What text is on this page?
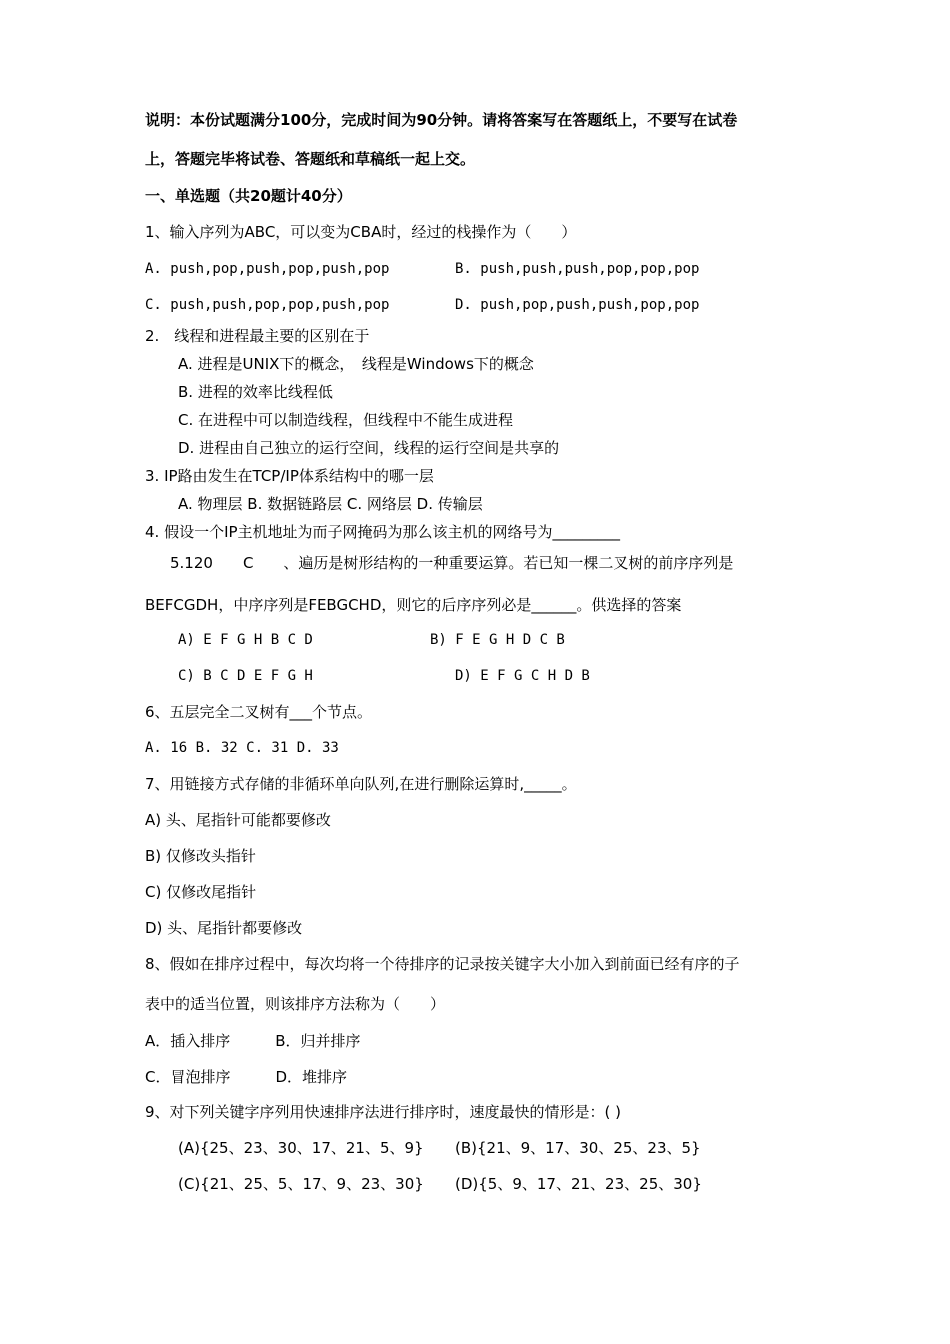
说明：本份试题满分100分，完成时间为90分钟。请将答案写在答题纸上，不要写在试卷
上，答题完毕将试卷、答题纸和草稿纸一起上交。
一、单选题（共20题计40分）
1、输入序列为ABC，可以变为CBA时，经过的栈操作为（　　）
A. push,pop,push,pop,push,pop	B. push,push,push,pop,pop,pop
C. push,push,pop,pop,push,pop	D. push,pop,push,push,pop,pop
2.　线程和进程最主要的区别在于
A. 进程是UNIX下的概念，　线程是Windows下的概念
B. 进程的效率比线程低
C. 在进程中可以制造线程，但线程中不能生成进程
D. 进程由自己独立的运行空间，线程的运行空间是共享的
3. IP路由发生在TCP/IP体系结构中的哪一层
A. 物理层 B. 数据链路层 C. 网络层 D. 传输层
4. 假设一个IP主机地址为而子网掩码为那么该主机的网络号为_________
5.120　　C　　、遍历是树形结构的一种重要运算。若已知一棵二叉树的前序序列是
BEFCGDH，中序序列是FEBGCHD，则它的后序序列必是______。供选择的答案
A) E F G H B C D	B) F E G H D C B
C) B C D E F G H	D) E F G C H D B
6、五层完全二叉树有___个节点。
A. 16 B. 32 C. 31 D. 33
7、用链接方式存储的非循环单向队列,在进行删除运算时,_____。
A) 头、尾指针可能都要修改
B) 仅修改头指针
C) 仅修改尾指针
D) 头、尾指针都要修改
8、假如在排序过程中，每次均将一个待排序的记录按关键字大小加入到前面已经有序的子
表中的适当位置，则该排序方法称为（　　）
A．插入排序　　　B．归并排序
C．冒泡排序　　　D．堆排序
9、对下列关键字序列用快速排序法进行排序时，速度最快的情形是：( )
(A){25、23、30、17、21、5、9} (B){21、9、17、30、25、23、5}
(C){21、25、5、17、9、23、30} (D){5、9、17、21、23、25、30}
